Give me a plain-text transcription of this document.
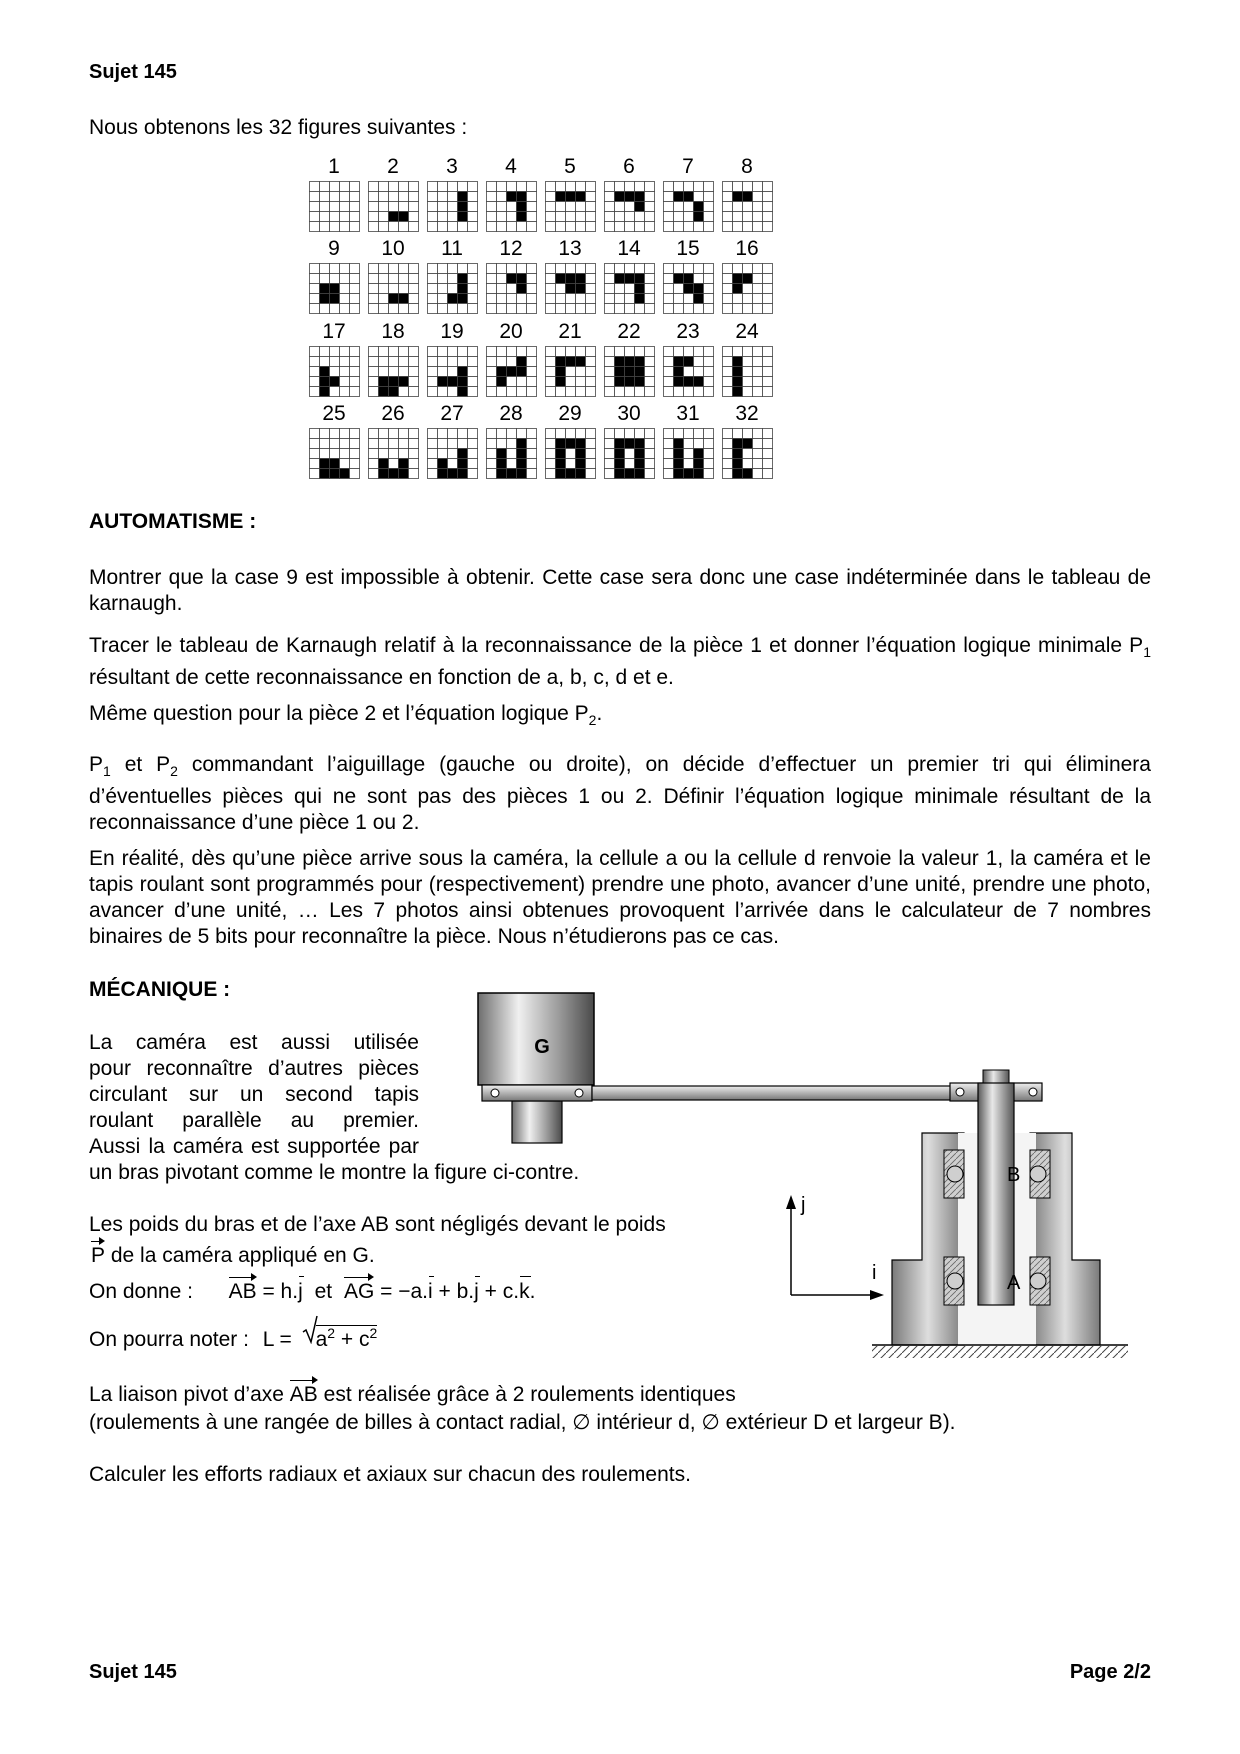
Sujet 145
Nous obtenons les 32 figures suivantes :
1	2	3	4	5	6	7	8
9	10	11	12	13	14	15	16
17	18	19	20	21	22	23	24
25	26	27	28	29	30	31	32
AUTOMATISME :
Montrer que la case 9 est impossible à obtenir. Cette case sera donc une case indéterminée dans le tableau de karnaugh.
Tracer le tableau de Karnaugh relatif à la reconnaissance de la pièce 1 et donner l’équation logique minimale $P_1$ résultant de cette reconnaissance en fonction de a, b, c, d et e.
Même question pour la pièce 2 et l’équation logique $P_2$.
$P_1$ et $P_2$ commandant l’aiguillage (gauche ou droite), on décide d’effectuer un premier tri qui éliminera d’éventuelles pièces qui ne sont pas des pièces 1 ou 2. Définir l’équation logique minimale résultant de la reconnaissance d’une pièce 1 ou 2.
En réalité, dès qu’une pièce arrive sous la caméra, la cellule a ou la cellule d renvoie la valeur 1, la caméra et le tapis roulant sont programmés pour (respectivement) prendre une photo, avancer d’une unité, prendre une photo, avancer d’une unité, … Les 7 photos ainsi obtenues provoquent l’arrivée dans le calculateur de 7 nombres binaires de 5 bits pour reconnaître la pièce. Nous n’étudierons pas ce cas.
MÉCANIQUE :
La caméra est aussi utilisée
pour reconnaître d’autres pièces
circulant sur un second tapis
roulant parallèle au premier.
Aussi la caméra est supportée par
un bras pivotant comme le montre la figure ci-contre.
Les poids du bras et de l’axe AB sont négligés devant le poids
P de la caméra appliqué en G.
On donne : AB = h.j et AG = −a.i + b.j + c.k.
On pourra noter : $L = a^2 + c^2$
La liaison pivot d’axe AB est réalisée grâce à 2 roulements identiques
(roulements à une rangée de billes à contact radial, ∅ intérieur d, ∅ extérieur D et largeur B).
Calculer les efforts radiaux et axiaux sur chacun des roulements.
G
B
A
j
i
Sujet 145	Page 2/2
